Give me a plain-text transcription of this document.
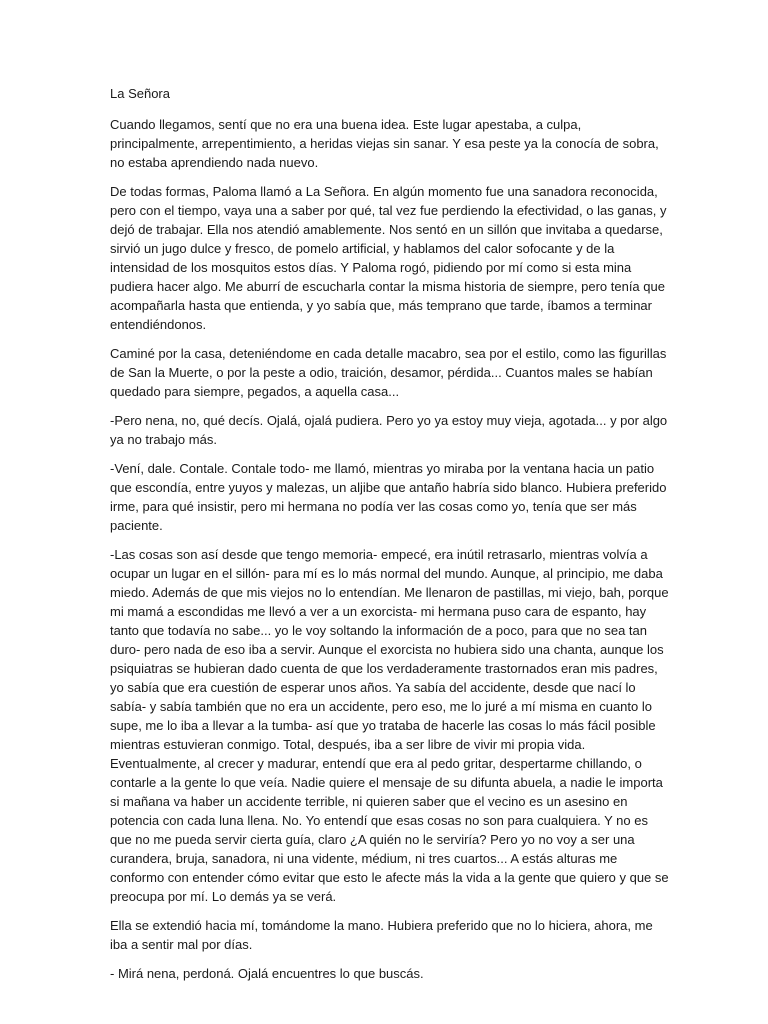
La Señora

Cuando llegamos, sentí que no era una buena idea. Este lugar apestaba, a culpa, principalmente, arrepentimiento, a heridas viejas sin sanar. Y esa peste ya la conocía de sobra, no estaba aprendiendo nada nuevo.

De todas formas, Paloma llamó a La Señora. En algún momento fue una sanadora reconocida, pero con el tiempo, vaya una a saber por qué, tal vez fue perdiendo la efectividad, o las ganas, y dejó de trabajar. Ella nos atendió amablemente. Nos sentó en un sillón que invitaba a quedarse, sirvió un jugo dulce y fresco, de pomelo artificial, y hablamos del calor sofocante y de la intensidad de los mosquitos estos días. Y Paloma rogó, pidiendo por mí como si esta mina pudiera hacer algo. Me aburrí de escucharla contar la misma historia de siempre, pero tenía que acompañarla hasta que entienda, y yo sabía que, más temprano que tarde, íbamos a terminar entendiéndonos.

Caminé por la casa, deteniéndome en cada detalle macabro, sea por el estilo, como las figurillas de San la Muerte, o por la peste a odio, traición, desamor, pérdida... Cuantos males se habían quedado para siempre, pegados, a aquella casa...

-Pero nena, no, qué decís. Ojalá, ojalá pudiera. Pero yo ya estoy muy vieja, agotada... y por algo ya no trabajo más.

-Vení, dale. Contale. Contale todo- me llamó, mientras yo miraba por la ventana hacia un patio que escondía, entre yuyos y malezas, un aljibe que antaño habría sido blanco. Hubiera preferido irme, para qué insistir, pero mi hermana no podía ver las cosas como yo, tenía que ser más paciente.

-Las cosas son así desde que tengo memoria- empecé, era inútil retrasarlo, mientras volvía a ocupar un lugar en el sillón- para mí es lo más normal del mundo. Aunque, al principio, me daba miedo. Además de que mis viejos no lo entendían. Me llenaron de pastillas, mi viejo, bah, porque mi mamá a escondidas me llevó a ver a un exorcista- mi hermana puso cara de espanto, hay tanto que todavía no sabe... yo le voy soltando la información de a poco, para que no sea tan duro- pero nada de eso iba a servir. Aunque el exorcista no hubiera sido una chanta, aunque los psiquiatras se hubieran dado cuenta de que los verdaderamente trastornados eran mis padres, yo sabía que era cuestión de esperar unos años. Ya sabía del accidente, desde que nací lo sabía- y sabía también que no era un accidente, pero eso, me lo juré a mí misma en cuanto lo supe, me lo iba a llevar a la tumba- así que yo trataba de hacerle las cosas lo más fácil posible mientras estuvieran conmigo. Total, después, iba a ser libre de vivir mi propia vida. Eventualmente, al crecer y madurar, entendí que era al pedo gritar, despertarme chillando, o contarle a la gente lo que veía. Nadie quiere el mensaje de su difunta abuela, a nadie le importa si mañana va haber un accidente terrible, ni quieren saber que el vecino es un asesino en potencia con cada luna llena. No. Yo entendí que esas cosas no son para cualquiera. Y no es que no me pueda servir cierta guía, claro ¿A quién no le serviría? Pero yo no voy a ser una curandera, bruja, sanadora, ni una vidente, médium, ni tres cuartos... A estás alturas me conformo con entender cómo evitar que esto le afecte más la vida a la gente que quiero y que se preocupa por mí. Lo demás ya se verá.

Ella se extendió hacia mí, tomándome la mano. Hubiera preferido que no lo hiciera, ahora, me iba a sentir mal por días.

- Mirá nena, perdoná. Ojalá encuentres lo que buscás.
